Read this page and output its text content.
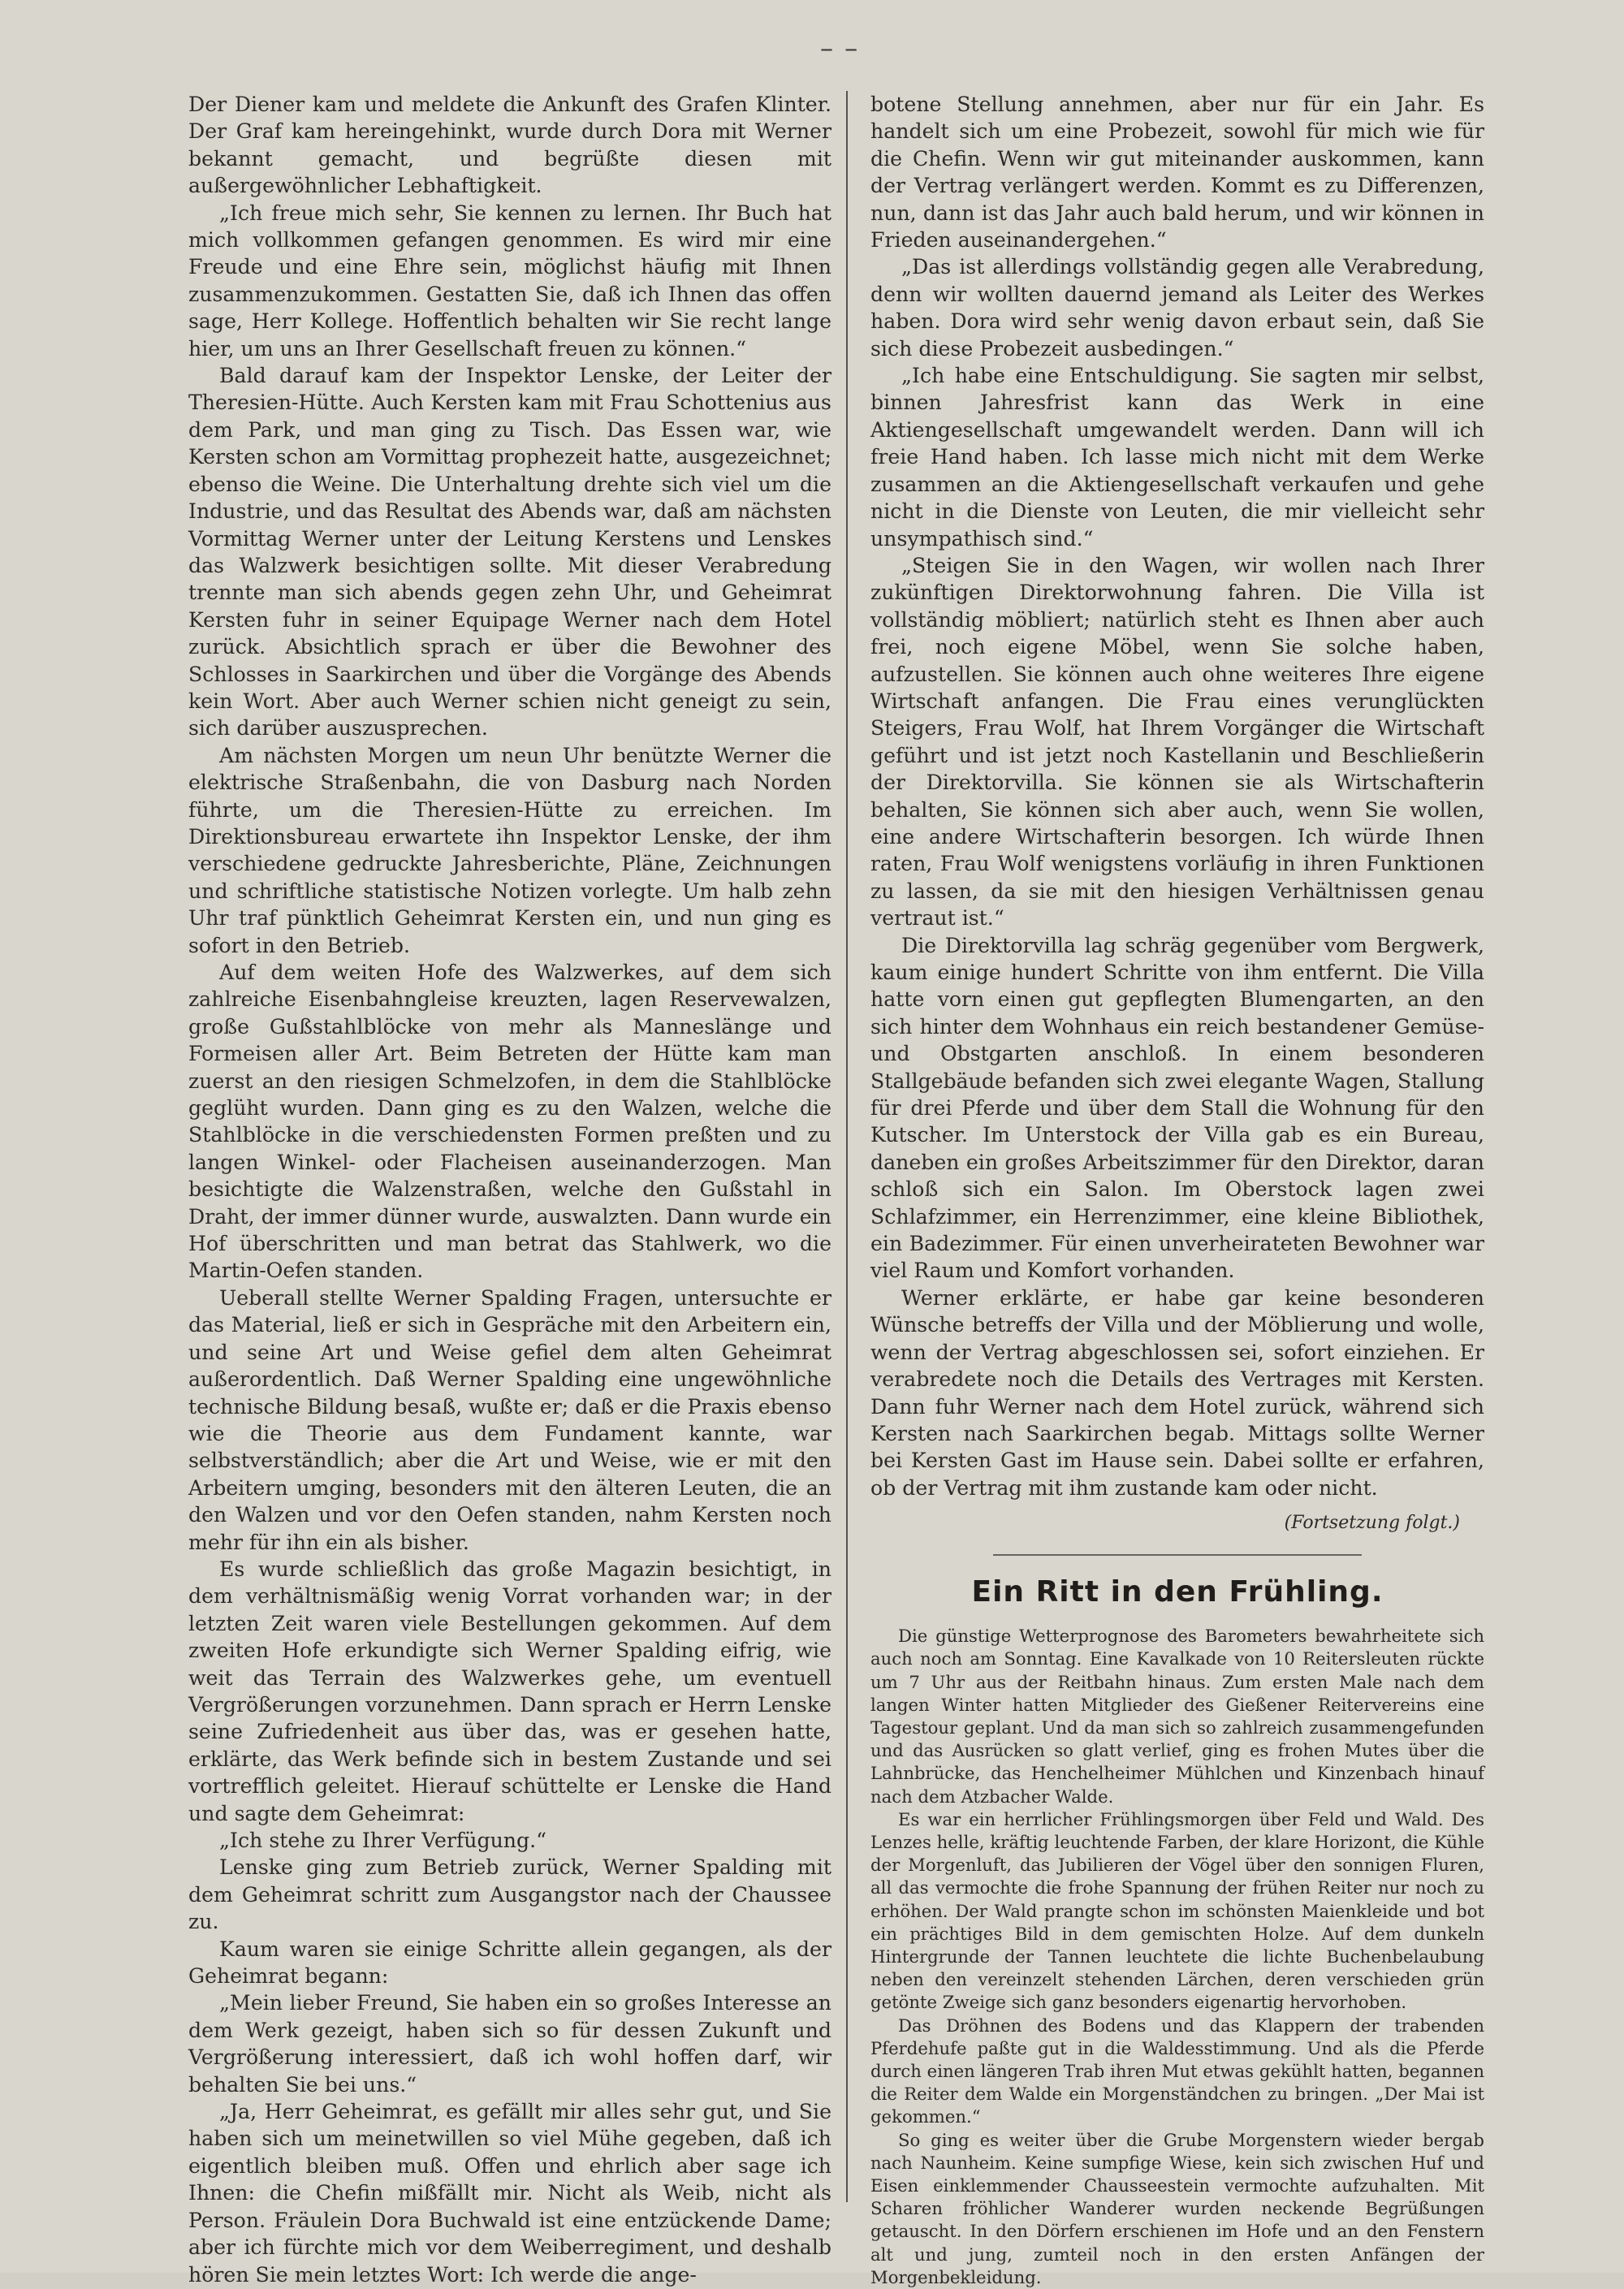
– –

Der Diener kam und meldete die Ankunft des Grafen Klinter. Der Graf kam hereingehinkt, wurde durch Dora mit Werner bekannt gemacht, und begrüßte diesen mit außergewöhnlicher Lebhaftigkeit.

„Ich freue mich sehr, Sie kennen zu lernen. Ihr Buch hat mich vollkommen gefangen genommen. Es wird mir eine Freude und eine Ehre sein, möglichst häufig mit Ihnen zusammenzukommen. Gestatten Sie, daß ich Ihnen das offen sage, Herr Kollege. Hoffentlich behalten wir Sie recht lange hier, um uns an Ihrer Gesellschaft freuen zu können.“

Bald darauf kam der Inspektor Lenske, der Leiter der Theresien-Hütte. Auch Kersten kam mit Frau Schottenius aus dem Park, und man ging zu Tisch. Das Essen war, wie Kersten schon am Vormittag prophezeit hatte, ausgezeichnet; ebenso die Weine. Die Unterhaltung drehte sich viel um die Industrie, und das Resultat des Abends war, daß am nächsten Vormittag Werner unter der Leitung Kerstens und Lenskes das Walzwerk besichtigen sollte. Mit dieser Verabredung trennte man sich abends gegen zehn Uhr, und Geheimrat Kersten fuhr in seiner Equipage Werner nach dem Hotel zurück. Absichtlich sprach er über die Bewohner des Schlosses in Saarkirchen und über die Vorgänge des Abends kein Wort. Aber auch Werner schien nicht geneigt zu sein, sich darüber auszusprechen.

Am nächsten Morgen um neun Uhr benützte Werner die elektrische Straßenbahn, die von Dasburg nach Norden führte, um die Theresien-Hütte zu erreichen. Im Direktionsbureau erwartete ihn Inspektor Lenske, der ihm verschiedene gedruckte Jahresberichte, Pläne, Zeichnungen und schriftliche statistische Notizen vorlegte. Um halb zehn Uhr traf pünktlich Geheimrat Kersten ein, und nun ging es sofort in den Betrieb.

Auf dem weiten Hofe des Walzwerkes, auf dem sich zahlreiche Eisenbahngleise kreuzten, lagen Reservewalzen, große Gußstahlblöcke von mehr als Manneslänge und Formeisen aller Art. Beim Betreten der Hütte kam man zuerst an den riesigen Schmelzofen, in dem die Stahlblöcke geglüht wurden. Dann ging es zu den Walzen, welche die Stahlblöcke in die verschiedensten Formen preßten und zu langen Winkel- oder Flacheisen auseinanderzogen. Man besichtigte die Walzenstraßen, welche den Gußstahl in Draht, der immer dünner wurde, auswalzten. Dann wurde ein Hof überschritten und man betrat das Stahlwerk, wo die Martin-Oefen standen.

Ueberall stellte Werner Spalding Fragen, untersuchte er das Material, ließ er sich in Gespräche mit den Arbeitern ein, und seine Art und Weise gefiel dem alten Geheimrat außerordentlich. Daß Werner Spalding eine ungewöhnliche technische Bildung besaß, wußte er; daß er die Praxis ebenso wie die Theorie aus dem Fundament kannte, war selbstverständlich; aber die Art und Weise, wie er mit den Arbeitern umging, besonders mit den älteren Leuten, die an den Walzen und vor den Oefen standen, nahm Kersten noch mehr für ihn ein als bisher.

Es wurde schließlich das große Magazin besichtigt, in dem verhältnismäßig wenig Vorrat vorhanden war; in der letzten Zeit waren viele Bestellungen gekommen. Auf dem zweiten Hofe erkundigte sich Werner Spalding eifrig, wie weit das Terrain des Walzwerkes gehe, um eventuell Vergrößerungen vorzunehmen. Dann sprach er Herrn Lenske seine Zufriedenheit aus über das, was er gesehen hatte, erklärte, das Werk befinde sich in bestem Zustande und sei vortrefflich geleitet. Hierauf schüttelte er Lenske die Hand und sagte dem Geheimrat:

„Ich stehe zu Ihrer Verfügung.“

Lenske ging zum Betrieb zurück, Werner Spalding mit dem Geheimrat schritt zum Ausgangstor nach der Chaussee zu.

Kaum waren sie einige Schritte allein gegangen, als der Geheimrat begann:

„Mein lieber Freund, Sie haben ein so großes Interesse an dem Werk gezeigt, haben sich so für dessen Zukunft und Vergrößerung interessiert, daß ich wohl hoffen darf, wir behalten Sie bei uns.“

„Ja, Herr Geheimrat, es gefällt mir alles sehr gut, und Sie haben sich um meinetwillen so viel Mühe gegeben, daß ich eigentlich bleiben muß. Offen und ehrlich aber sage ich Ihnen: die Chefin mißfällt mir. Nicht als Weib, nicht als Person. Fräulein Dora Buchwald ist eine entzückende Dame; aber ich fürchte mich vor dem Weiberregiment, und deshalb hören Sie mein letztes Wort: Ich werde die ange-

botene Stellung annehmen, aber nur für ein Jahr. Es handelt sich um eine Probezeit, sowohl für mich wie für die Chefin. Wenn wir gut miteinander auskommen, kann der Vertrag verlängert werden. Kommt es zu Differenzen, nun, dann ist das Jahr auch bald herum, und wir können in Frieden auseinandergehen.“

„Das ist allerdings vollständig gegen alle Verabredung, denn wir wollten dauernd jemand als Leiter des Werkes haben. Dora wird sehr wenig davon erbaut sein, daß Sie sich diese Probezeit ausbedingen.“

„Ich habe eine Entschuldigung. Sie sagten mir selbst, binnen Jahresfrist kann das Werk in eine Aktiengesellschaft umgewandelt werden. Dann will ich freie Hand haben. Ich lasse mich nicht mit dem Werke zusammen an die Aktiengesellschaft verkaufen und gehe nicht in die Dienste von Leuten, die mir vielleicht sehr unsympathisch sind.“

„Steigen Sie in den Wagen, wir wollen nach Ihrer zukünftigen Direktorwohnung fahren. Die Villa ist vollständig möbliert; natürlich steht es Ihnen aber auch frei, noch eigene Möbel, wenn Sie solche haben, aufzustellen. Sie können auch ohne weiteres Ihre eigene Wirtschaft anfangen. Die Frau eines verunglückten Steigers, Frau Wolf, hat Ihrem Vorgänger die Wirtschaft geführt und ist jetzt noch Kastellanin und Beschließerin der Direktorvilla. Sie können sie als Wirtschafterin behalten, Sie können sich aber auch, wenn Sie wollen, eine andere Wirtschafterin besorgen. Ich würde Ihnen raten, Frau Wolf wenigstens vorläufig in ihren Funktionen zu lassen, da sie mit den hiesigen Verhältnissen genau vertraut ist.“

Die Direktorvilla lag schräg gegenüber vom Bergwerk, kaum einige hundert Schritte von ihm entfernt. Die Villa hatte vorn einen gut gepflegten Blumengarten, an den sich hinter dem Wohnhaus ein reich bestandener Gemüse- und Obstgarten anschloß. In einem besonderen Stallgebäude befanden sich zwei elegante Wagen, Stallung für drei Pferde und über dem Stall die Wohnung für den Kutscher. Im Unterstock der Villa gab es ein Bureau, daneben ein großes Arbeitszimmer für den Direktor, daran schloß sich ein Salon. Im Oberstock lagen zwei Schlafzimmer, ein Herrenzimmer, eine kleine Bibliothek, ein Badezimmer. Für einen unverheirateten Bewohner war viel Raum und Komfort vorhanden.

Werner erklärte, er habe gar keine besonderen Wünsche betreffs der Villa und der Möblierung und wolle, wenn der Vertrag abgeschlossen sei, sofort einziehen. Er verabredete noch die Details des Vertrages mit Kersten. Dann fuhr Werner nach dem Hotel zurück, während sich Kersten nach Saarkirchen begab. Mittags sollte Werner bei Kersten Gast im Hause sein. Dabei sollte er erfahren, ob der Vertrag mit ihm zustande kam oder nicht.

(Fortsetzung folgt.)
Ein Ritt in den Frühling.

Die günstige Wetterprognose des Barometers bewahrheitete sich auch noch am Sonntag. Eine Kavalkade von 10 Reitersleuten rückte um 7 Uhr aus der Reitbahn hinaus. Zum ersten Male nach dem langen Winter hatten Mitglieder des Gießener Reitervereins eine Tagestour geplant. Und da man sich so zahlreich zusammengefunden und das Ausrücken so glatt verlief, ging es frohen Mutes über die Lahnbrücke, das Henchelheimer Mühlchen und Kinzenbach hinauf nach dem Atzbacher Walde.

Es war ein herrlicher Frühlingsmorgen über Feld und Wald. Des Lenzes helle, kräftig leuchtende Farben, der klare Horizont, die Kühle der Morgenluft, das Jubilieren der Vögel über den sonnigen Fluren, all das vermochte die frohe Spannung der frühen Reiter nur noch zu erhöhen. Der Wald prangte schon im schönsten Maienkleide und bot ein prächtiges Bild in dem gemischten Holze. Auf dem dunkeln Hintergrunde der Tannen leuchtete die lichte Buchenbelaubung neben den vereinzelt stehenden Lärchen, deren verschieden grün getönte Zweige sich ganz besonders eigenartig hervorhoben.

Das Dröhnen des Bodens und das Klappern der trabenden Pferdehufe paßte gut in die Waldesstimmung. Und als die Pferde durch einen längeren Trab ihren Mut etwas gekühlt hatten, begannen die Reiter dem Walde ein Morgenständchen zu bringen. „Der Mai ist gekommen.“

So ging es weiter über die Grube Morgenstern wieder bergab nach Naunheim. Keine sumpfige Wiese, kein sich zwischen Huf und Eisen einklemmender Chausseestein vermochte aufzuhalten. Mit Scharen fröhlicher Wanderer wurden neckende Begrüßungen getauscht. In den Dörfern erschienen im Hofe und an den Fenstern alt und jung, zumteil noch in den ersten Anfängen der Morgenbekleidung.
